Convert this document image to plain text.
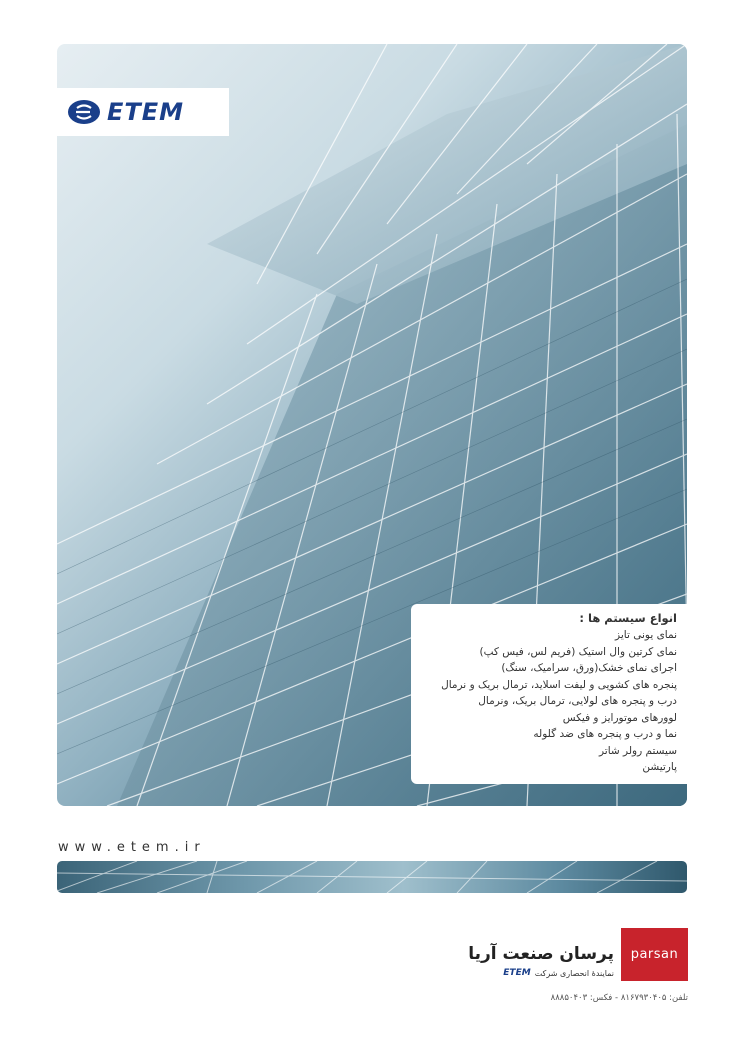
ETEM
انواع سیستم ها :
نمای یونی تایز
نمای کرتین وال استیک (فریم لس، فیس کپ)
اجرای نمای خشک(ورق، سرامیک، سنگ)
پنجره های کشویی و لیفت اسلاید، ترمال بریک و نرمال
درب و پنجره های لولایی، ترمال بریک، ونرمال
لوورهای موتورایز و فیکس
نما و درب و پنجره های ضد گلوله
سیستم رولر شاتر
پارتیشن
www.etem.ir
parsan
پرسان صنعت آریا
نمایندۀ انحصاری شرکت
ETEM
تلفن: ۸۱۶۷۹۳۰۴۰۵ - فکس: ۸۸۸۵۰۴۰۳
